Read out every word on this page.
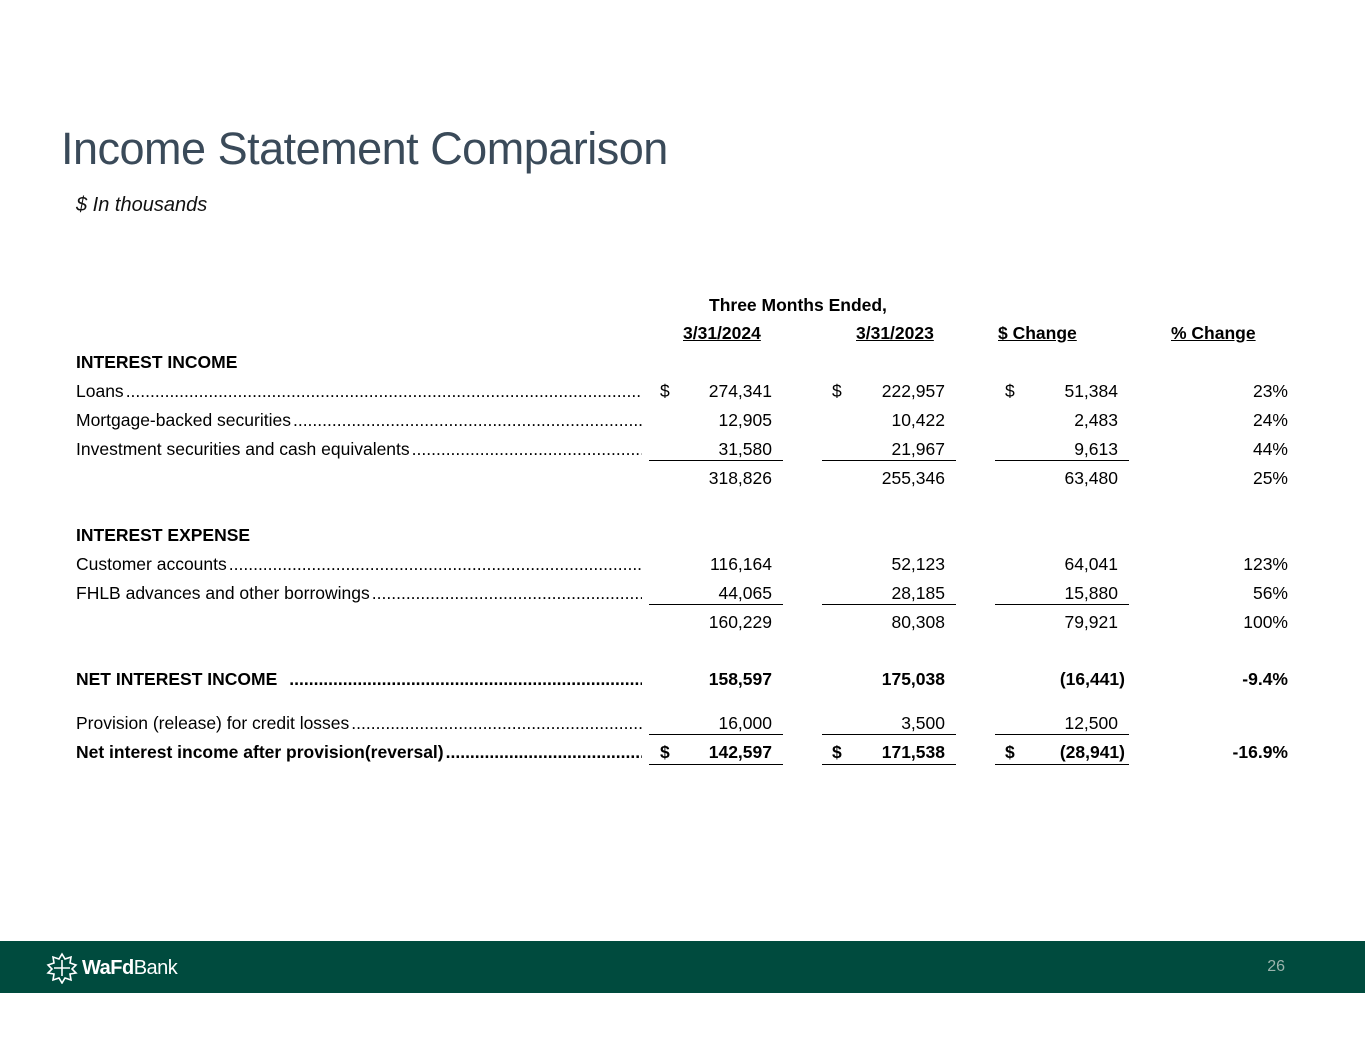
Income Statement Comparison
$ In thousands
Three Months Ended,
3/31/2024	3/31/2023	$ Change	% Change
INTEREST INCOME
Loans .....	$	274,341	$	222,957	$	51,384	23%
Mortgage-backed securities .....	12,905	10,422	2,483	24%
Investment securities and cash equivalents .....	31,580	21,967	9,613	44%
318,826	255,346	63,480	25%
INTEREST EXPENSE
Customer accounts .....	116,164	52,123	64,041	123%
FHLB advances and other borrowings .....	44,065	28,185	15,880	56%
160,229	80,308	79,921	100%
NET INTEREST INCOME .....	158,597	175,038	(16,441)	-9.4%
Provision (release) for credit losses .....	16,000	3,500	12,500
Net interest income after provision(reversal) .....	$	142,597	$	171,538	$	(28,941)	-16.9%
WaFdBank	26
